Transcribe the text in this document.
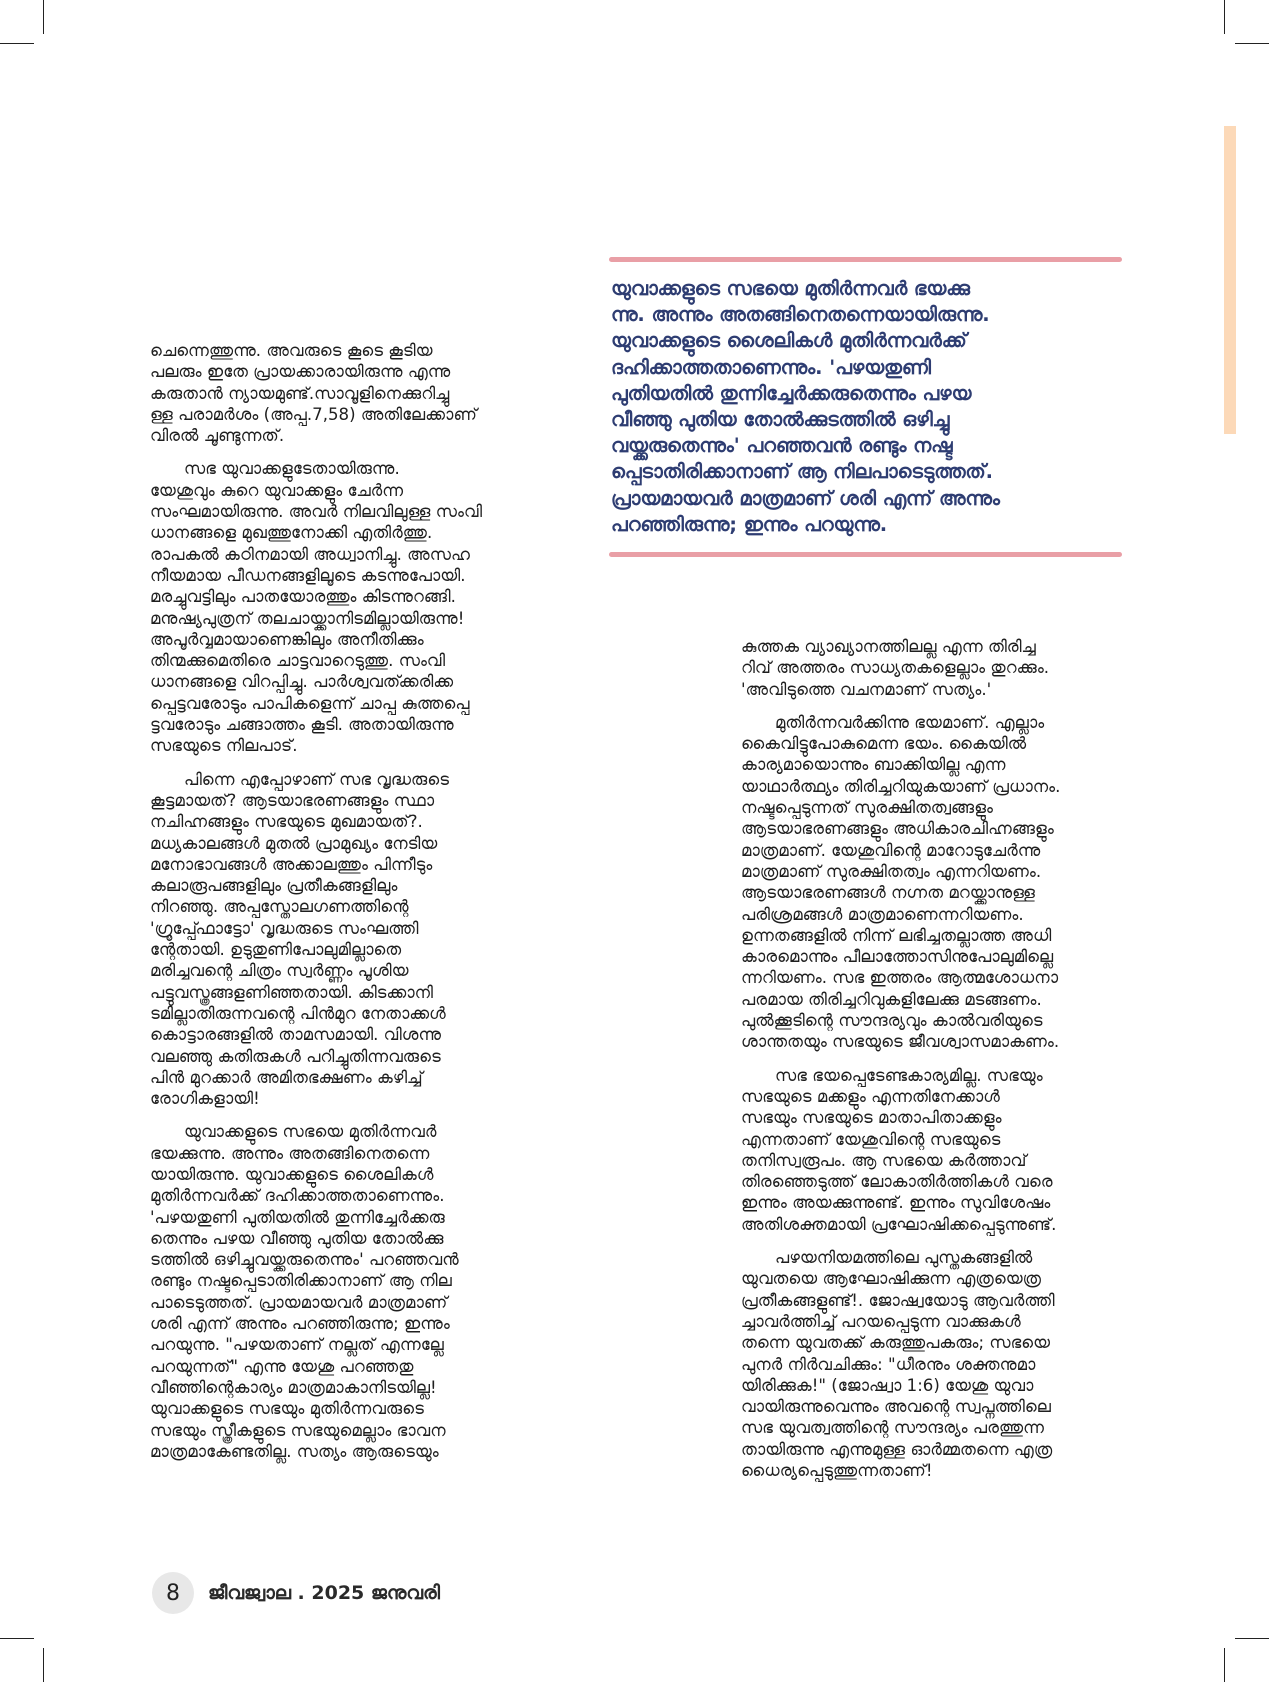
യുവാക്കളുടെ സഭയെ മുതിർന്നവർ ഭയക്കു
ന്നു. അന്നും അതങ്ങിനെതന്നെയായിരുന്നു.
യുവാക്കളുടെ ശൈലികൾ മുതിർന്നവർക്ക്
ദഹിക്കാത്തതാണെന്നും. 'പഴയതുണി
പുതിയതിൽ തുന്നിച്ചേർക്കരുതെന്നും പഴയ
വീഞ്ഞു പുതിയ തോൽക്കുടത്തിൽ ഒഴിച്ചു
വയ്ക്കരുതെന്നും' പറഞ്ഞവൻ രണ്ടും നഷ്ട
പ്പെടാതിരിക്കാനാണ് ആ നിലപാടെടുത്തത്.
പ്രായമായവർ മാത്രമാണ് ശരി എന്ന് അന്നും
പറഞ്ഞിരുന്നു; ഇന്നും പറയുന്നു.

ചെന്നെത്തുന്നു. അവരുടെ കൂടെ കൂടിയ
പലരും ഇതേ പ്രായക്കാരായിരുന്നു എന്നു
കരുതാൻ ന്യായമുണ്ട്.സാവൂളിനെക്കുറിച്ചു
ള്ള പരാമർശം (അപ്പ.7,58) അതിലേക്കാണ്
വിരൽ ചൂണ്ടുന്നത്.

സഭ യുവാക്കളുടേതായിരുന്നു.
യേശുവും കുറെ യുവാക്കളും ചേർന്ന
സംഘമായിരുന്നു. അവർ നിലവിലുള്ള സംവി
ധാനങ്ങളെ മുഖത്തുനോക്കി എതിർത്തു.
രാപകൽ കഠിനമായി അധ്വാനിച്ചു. അസഹ
നീയമായ പീഡനങ്ങളിലൂടെ കടന്നുപോയി.
മരച്ചുവട്ടിലും പാതയോരത്തും കിടന്നുറങ്ങി.
മനുഷ്യപുത്രന് തലചായ്ക്കാനിടമില്ലായിരുന്നു!
അപൂർവ്വമായാണെങ്കിലും അനീതിക്കും
തിന്മക്കുമെതിരെ ചാട്ടവാറെടുത്തു. സംവി
ധാനങ്ങളെ വിറപ്പിച്ചു. പാർശ്വവത്ക്കരിക്ക
പ്പെട്ടവരോടും പാപികളെന്ന് ചാപ്പ കുത്തപ്പെ
ട്ടവരോടും ചങ്ങാത്തം കൂടി. അതായിരുന്നു
സഭയുടെ നിലപാട്.

പിന്നെ എപ്പോഴാണ് സഭ വൃദ്ധരുടെ
കൂട്ടമായത്? ആടയാഭരണങ്ങളും സ്ഥാ
നചിഹ്നങ്ങളും സഭയുടെ മുഖമായത്?.
മധ്യകാലങ്ങൾ മുതൽ പ്രാമുഖ്യം നേടിയ
മനോഭാവങ്ങൾ അക്കാലത്തും പിന്നീടും
കലാരൂപങ്ങളിലും പ്രതീകങ്ങളിലും
നിറഞ്ഞു. അപ്പസ്തോലഗണത്തിന്റെ
'ഗ്രൂപ്പ്ഫോട്ടോ' വൃദ്ധരുടെ സംഘത്തി
ന്റേതായി. ഉടുതുണിപോലുമില്ലാതെ
മരിച്ചവന്റെ ചിത്രം സ്വർണ്ണം പൂശിയ
പട്ടുവസ്ത്രങ്ങളണിഞ്ഞതായി. കിടക്കാനി
ടമില്ലാതിരുന്നവന്റെ പിൻമുറ നേതാക്കൾ
കൊട്ടാരങ്ങളിൽ താമസമായി. വിശന്നു
വലഞ്ഞു കതിരുകൾ പറിച്ചുതിന്നവരുടെ
പിൻ മുറക്കാർ അമിതഭക്ഷണം കഴിച്ച്
രോഗികളായി!

യുവാക്കളുടെ സഭയെ മുതിർന്നവർ
ഭയക്കുന്നു. അന്നും അതങ്ങിനെതന്നെ
യായിരുന്നു. യുവാക്കളുടെ ശൈലികൾ
മുതിർന്നവർക്ക് ദഹിക്കാത്തതാണെന്നും.
'പഴയതുണി പുതിയതിൽ തുന്നിച്ചേർക്കരു
തെന്നും പഴയ വീഞ്ഞു പുതിയ തോൽക്കു
ടത്തിൽ ഒഴിച്ചുവയ്ക്കരുതെന്നും' പറഞ്ഞവൻ
രണ്ടും നഷ്ടപ്പെടാതിരിക്കാനാണ് ആ നില
പാടെടുത്തത്. പ്രായമായവർ മാത്രമാണ്
ശരി എന്ന് അന്നും പറഞ്ഞിരുന്നു; ഇന്നും
പറയുന്നു. "പഴയതാണ് നല്ലത് എന്നല്ലേ
പറയുന്നത്" എന്നു യേശു പറഞ്ഞതു
വീഞ്ഞിന്റെകാര്യം മാത്രമാകാനിടയില്ല!
യുവാക്കളുടെ സഭയും മുതിർന്നവരുടെ
സഭയും സ്ത്രീകളുടെ സഭയുമെല്ലാം ഭാവന
മാത്രമാകേണ്ടതില്ല. സത്യം ആരുടെയും

കുത്തക വ്യാഖ്യാനത്തിലല്ല എന്ന തിരിച്ച
റിവ് അത്തരം സാധ്യതകളെല്ലാം തുറക്കും.
'അവിടുത്തെ വചനമാണ് സത്യം.'

മുതിർന്നവർക്കിന്നു ഭയമാണ്. എല്ലാം
കൈവിട്ടുപോകുമെന്ന ഭയം. കൈയിൽ
കാര്യമായൊന്നും ബാക്കിയില്ല എന്ന
യാഥാർത്ഥ്യം തിരിച്ചറിയുകയാണ് പ്രധാനം.
നഷ്ടപ്പെടുന്നത് സുരക്ഷിതത്വങ്ങളും
ആടയാഭരണങ്ങളും അധികാരചിഹ്നങ്ങളും
മാത്രമാണ്. യേശുവിന്റെ മാറോടുചേർന്നു
മാത്രമാണ് സുരക്ഷിതത്വം എന്നറിയണം.
ആടയാഭരണങ്ങൾ നഗ്നത മറയ്ക്കാനുള്ള
പരിശ്രമങ്ങൾ മാത്രമാണെന്നറിയണം.
ഉന്നതങ്ങളിൽ നിന്ന് ലഭിച്ചതല്ലാത്ത അധി
കാരമൊന്നും പീലാത്തോസിനുപോലുമില്ലെ
ന്നറിയണം. സഭ ഇത്തരം ആത്മശോധനാ
പരമായ തിരിച്ചറിവുകളിലേക്കു മടങ്ങണം.
പുൽക്കൂടിന്റെ സൗന്ദര്യവും കാൽവരിയുടെ
ശാന്തതയും സഭയുടെ ജീവശ്വാസമാകണം.

സഭ ഭയപ്പെടേണ്ടകാര്യമില്ല. സഭയും
സഭയുടെ മക്കളും എന്നതിനേക്കാൾ
സഭയും സഭയുടെ മാതാപിതാക്കളും
എന്നതാണ് യേശുവിന്റെ സഭയുടെ
തനിസ്വരൂപം. ആ സഭയെ കർത്താവ്
തിരഞ്ഞെടുത്ത് ലോകാതിർത്തികൾ വരെ
ഇന്നും അയക്കുന്നുണ്ട്. ഇന്നും സുവിശേഷം
അതിശക്തമായി പ്രഘോഷിക്കപ്പെടുന്നുണ്ട്.

പഴയനിയമത്തിലെ പുസ്തകങ്ങളിൽ
യുവതയെ ആഘോഷിക്കുന്ന എത്രയെത്ര
പ്രതീകങ്ങളുണ്ട്!. ജോഷ്വയോടു ആവർത്തി
ച്ചാവർത്തിച്ച് പറയപ്പെടുന്ന വാക്കുകൾ
തന്നെ യുവതക്ക് കരുത്തുപകരും; സഭയെ
പുനർ നിർവചിക്കും: "ധീരനും ശക്തനുമാ
യിരിക്കുക!" (ജോഷ്വാ 1:6) യേശു യുവാ
വായിരുന്നുവെന്നും അവന്റെ സ്വപ്നത്തിലെ
സഭ യുവത്വത്തിന്റെ സൗന്ദര്യം പരത്തുന്ന
തായിരുന്നു എന്നുമുള്ള ഓർമ്മതന്നെ എത്ര
ധൈര്യപ്പെടുത്തുന്നതാണ്!

8	ജീവജ്വാല . 2025 ജനുവരി
